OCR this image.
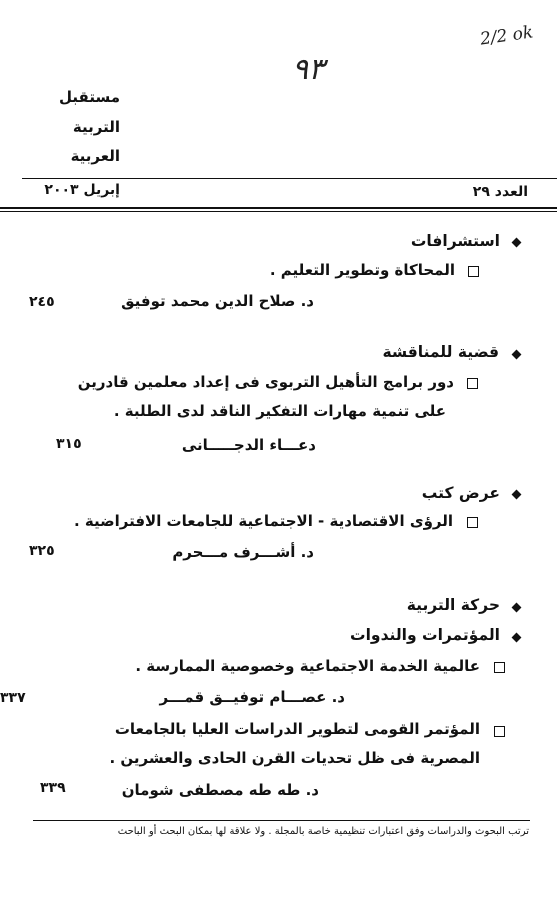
2/2 ok
٩٣
مستقبل
التربية
العربية
العدد ٢٩
إبريل ٢٠٠٣
استشرافات
المحاكاة وتطوير التعليم .
د. صلاح الدين محمد توفيق
٢٤٥
قضية للمناقشة
دور برامج التأهيل التربوى فى إعداد معلمين قادرين
على تنمية مهارات التفكير الناقد لدى الطلبة .
دعـــاء الدجـــــانى
٣١٥
عرض كتب
الرؤى الاقتصادية - الاجتماعية للجامعات الافتراضية .
د. أشـــرف مـــحرم
٣٢٥
حركة التربية
المؤتمرات والندوات
عالمية الخدمة الاجتماعية وخصوصية الممارسة .
د. عصـــام توفيــق قمـــر
٣٣٧
المؤتمر القومى لتطوير الدراسات العليا بالجامعات
المصرية فى ظل تحديات القرن الحادى والعشرين .
د. طه طه مصطفى شومان
٣٣٩
ترتب البحوث والدراسات وفق اعتبارات تنظيمية خاصة بالمجلة . ولا علاقة لها بمكان البحث أو الباحث
